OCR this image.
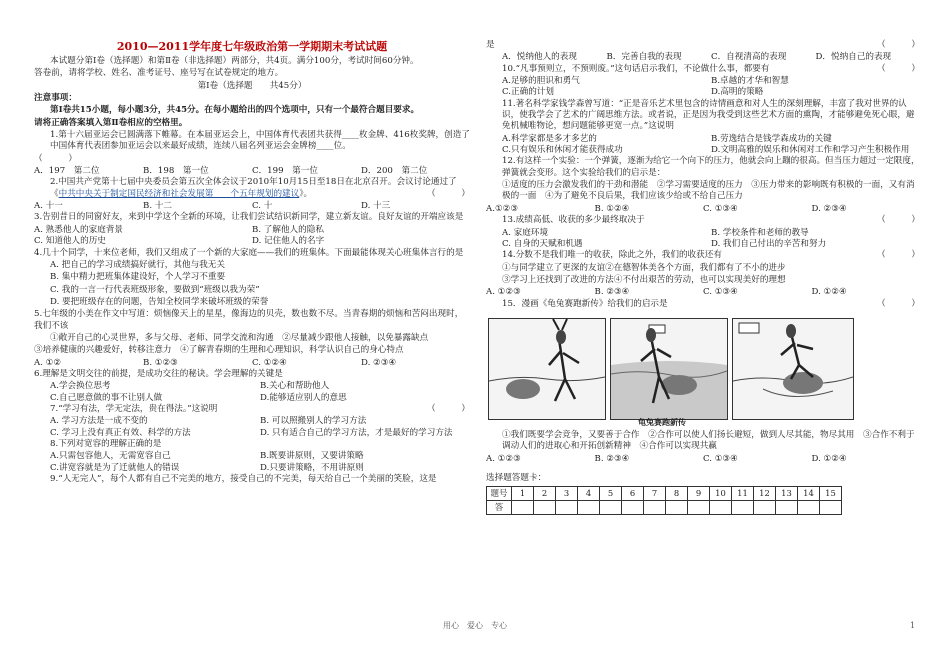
2010—2011学年度七年级政治第一学期期末考试试题

本试题分第Ⅰ卷（选择题）和第Ⅱ卷（非选择题）两部分，共4页。满分100分，考试时间60分钟。

答卷前，请将学校、姓名、准考证号、座号写在试卷规定的地方。

第Ⅰ卷（选择题　　共45分）

注意事项：

第Ⅰ卷共15小题，每小题3分，共45分。在每小题给出的四个选项中，只有一个最符合题目要求。

请将正确答案填入第Ⅱ卷相应的空格里。

1.第十六届亚运会已圆满落下帷幕。在本届亚运会上，中国体育代表团共获得____枚金牌、416枚奖牌，创造了中国体育代表团参加亚运会以来最好成绩，连续八届名列亚运会金牌榜____位。

（　　　）

A．197　第二位	B．198　第一位	C．199　第一位	D．200　第二位

2.中国共产党第十七届中央委员会第五次全体会议于2010年10月15日至18日在北京召开。会议讨论通过了《中共中央关于制定国民经济和社会发展第　　个五年规划的建议》。	（　　　）

A. 十一	B. 十二	C. 十	D. 十三

3.告别昔日的同窗好友，来到中学这个全新的环境，让我们尝试结识新同学，建立新友谊。良好友谊的开端应该是

A. 熟悉他人的家庭背景	B. 了解他人的隐私
C. 知道他人的历史	D. 记住他人的名字

4.几十个同学，十来位老师，我们又组成了一个新的大家庭——我们的班集体。下面最能体现关心班集体言行的是

A. 把自己的学习成绩搞好就行，其他与我无关

B. 集中精力把班集体建设好，个人学习不重要

C. 我的一言一行代表班级形象，要做到“班级以我为荣”

D. 要把班级存在的问题，告知全校同学来破坏班级的荣誉

5.七年级的小美在作文中写道：烦恼像天上的星星，像海边的贝壳，数也数不尽。当青春期的烦恼和苦闷出现时，我们不该

①敞开自己的心灵世界，多与父母、老师、同学交流和沟通　 ②尽量减少跟他人接触，以免暴露缺点

③培养健康的兴趣爱好，转移注意力　 ④了解青春期的生理和心理知识，科学认识自己的身心特点

A. ①②	B. ①②③	C. ①②④	D. ②③④

6.理解是文明交往的前提，是成功交往的秘诀。学会理解的关键是

A.学会换位思考	B.关心和帮助他人
C.自己愿意做的事不让别人做	D.能够适应别人的意思

7.“学习有法，学无定法，贵在得法。”这说明	（　　　）

A. 学习方法是一成不变的	B. 可以照搬别人的学习方法
C. 学习上没有真正有效、科学的方法	D. 只有适合自己的学习方法，才是最好的学习方法

8.下列对宽容的理解正确的是

A.只需包容他人，无需宽容自己	B.既要讲原则，又要讲策略
C.讲宽容就是为了迁就他人的错误	D.只要讲策略，不用讲原则

9.“人无完人”，每个人都有自己不完美的地方，接受自己的不完美，每天给自己一个美丽的笑脸，这是

是	（　　　）

A．悦纳他人的表现	B．完善自我的表现	C．自视清高的表现	D．悦纳自己的表现

10.“凡事预则立，不预则废。”这句话启示我们，不论做什么事，都要有	（　　　）

A.足够的胆识和勇气	B.卓越的才华和智慧
C.正确的计划	D.高明的策略

11.著名科学家钱学森曾写道：“正是音乐艺术里包含的诗情画意和对人生的深刻理解，丰富了我对世界的认识，使我学会了艺术的广阔思维方法。或者说，正是因为我受到这些艺术方面的熏陶，才能够避免死心眼，避免机械唯物论，想问题能够更宽一点。”这说明

A.科学家都是多才多艺的	B.劳逸结合是钱学森成功的关键
C.只有娱乐和休闲才能获得成功	D.文明高雅的娱乐和休闲对工作和学习产生积极作用

12.有这样一个实验：一个弹簧，逐渐为给它一个向下的压力，他就会向上蹦的很高。但当压力超过一定限度，弹簧就会变形。这个实验给我们的启示是：

①适度的压力会激发我们的干劲和潜能　 ②学习需要适度的压力　 ③压力带来的影响既有积极的一面，又有消极的一面　 ④为了避免不良后果，我们应该少给或不给自己压力

A.①②③	B. ①②④	C. ①③④	D. ②③④

13.成绩高低、收获的多少最终取决于	（　　　）

A. 家庭环境	B. 学校条件和老师的教导
C. 自身的天赋和机遇	D. 我们自己付出的辛苦和努力

14.分数不是我们唯一的收获，除此之外，我们的收获还有	（　　　）

①与同学建立了更深的友谊②在德智体美各个方面，我们都有了不小的进步

③学习上还找到了改进的方法④不付出艰苦的劳动，也可以实现美好的理想

A. ①②③	B. ②③④	C. ①③④	D. ①②④

15．漫画《龟兔赛跑新传》给我们的启示是	（　　　）

龟兔赛跑新传

①我们既要学会竞争，又要善于合作　 ②合作可以使人们扬长避短，做到人尽其能，物尽其用　 ③合作不利于调动人们的进取心和开拓创新精神　 ④合作可以实现共赢

A. ①②③	B. ②③④	C. ①③④	D. ①②④

选择题答题卡：

题号	1	2	3	4	5	6	7	8	9	10	11	12	13	14	15
答															
用心　爱心　专心	1
